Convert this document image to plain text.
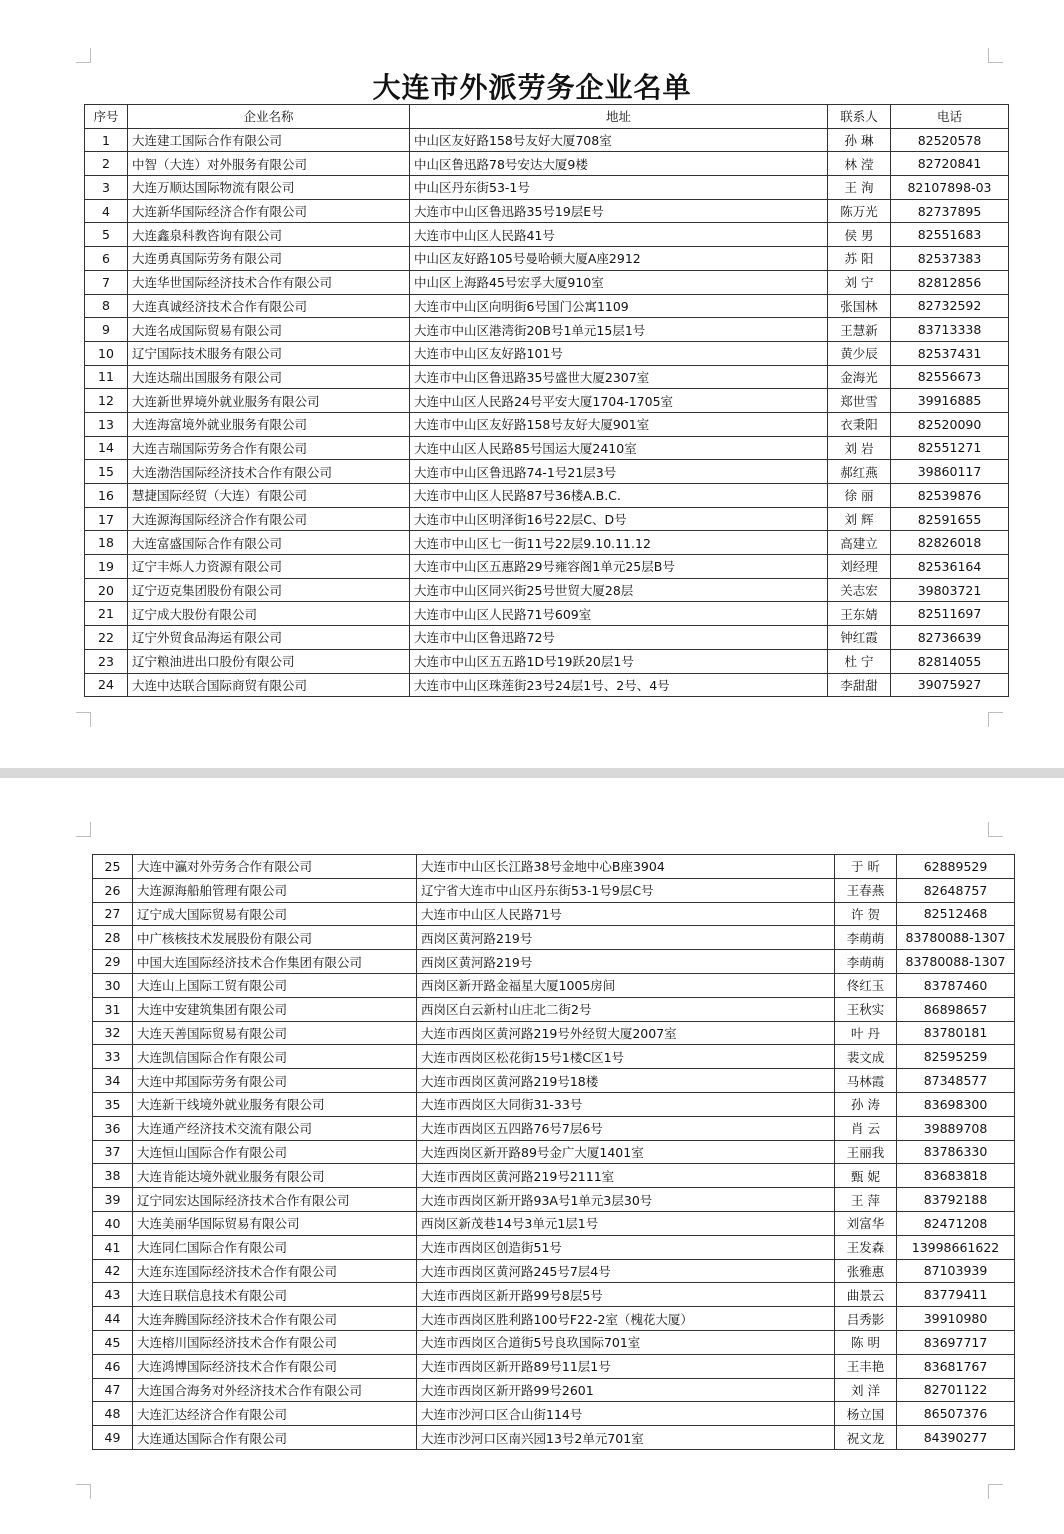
大连市外派劳务企业名单
序号	企业名称	地址	联系人	电话
1	大连建工国际合作有限公司	中山区友好路158号友好大厦708室	孙 琳	82520578
2	中智（大连）对外服务有限公司	中山区鲁迅路78号安达大厦9楼	林 滢	82720841
3	大连万顺达国际物流有限公司	中山区丹东街53-1号	王 洵	82107898-03
4	大连新华国际经济合作有限公司	大连市中山区鲁迅路35号19层E号	陈万光	82737895
5	大连鑫泉科教咨询有限公司	大连市中山区人民路41号	侯 男	82551683
6	大连勇真国际劳务有限公司	中山区友好路105号曼哈顿大厦A座2912	苏 阳	82537383
7	大连华世国际经济技术合作有限公司	中山区上海路45号宏孚大厦910室	刘 宁	82812856
8	大连真诚经济技术合作有限公司	大连市中山区向明街6号国门公寓1109	张国林	82732592
9	大连名成国际贸易有限公司	大连市中山区港湾街20B号1单元15层1号	王慧新	83713338
10	辽宁国际技术服务有限公司	大连市中山区友好路101号	黄少辰	82537431
11	大连达瑞出国服务有限公司	大连市中山区鲁迅路35号盛世大厦2307室	金海光	82556673
12	大连新世界境外就业服务有限公司	大连中山区人民路24号平安大厦1704-1705室	郑世雪	39916885
13	大连海富境外就业服务有限公司	大连市中山区友好路158号友好大厦901室	衣秉阳	82520090
14	大连吉瑞国际劳务合作有限公司	大连中山区人民路85号国运大厦2410室	刘 岩	82551271
15	大连渤浩国际经济技术合作有限公司	大连市中山区鲁迅路74-1号21层3号	郝红燕	39860117
16	慧捷国际经贸（大连）有限公司	大连市中山区人民路87号36楼A.B.C.	徐 丽	82539876
17	大连源海国际经济合作有限公司	大连市中山区明泽街16号22层C、D号	刘 辉	82591655
18	大连富盛国际合作有限公司	大连市中山区七一街11号22层9.10.11.12	高建立	82826018
19	辽宁丰烁人力资源有限公司	大连市中山区五惠路29号雍容阁1单元25层B号	刘经理	82536164
20	辽宁迈克集团股份有限公司	大连市中山区同兴街25号世贸大厦28层	关志宏	39803721
21	辽宁成大股份有限公司	大连市中山区人民路71号609室	王东婧	82511697
22	辽宁外贸食品海运有限公司	大连市中山区鲁迅路72号	钟红霞	82736639
23	辽宁粮油进出口股份有限公司	大连市中山区五五路1D号19跃20层1号	杜 宁	82814055
24	大连中达联合国际商贸有限公司	大连市中山区珠莲街23号24层1号、2号、4号	李甜甜	39075927
25	大连中瀛对外劳务合作有限公司	大连市中山区长江路38号金地中心B座3904	于 昕	62889529
26	大连源海船舶管理有限公司	辽宁省大连市中山区丹东街53-1号9层C号	王春燕	82648757
27	辽宁成大国际贸易有限公司	大连市中山区人民路71号	许 贺	82512468
28	中广核核技术发展股份有限公司	西岗区黄河路219号	李萌萌	83780088-1307
29	中国大连国际经济技术合作集团有限公司	西岗区黄河路219号	李萌萌	83780088-1307
30	大连山上国际工贸有限公司	西岗区新开路金福星大厦1005房间	佟红玉	83787460
31	大连中安建筑集团有限公司	西岗区白云新村山庄北二街2号	王秋实	86898657
32	大连天善国际贸易有限公司	大连市西岗区黄河路219号外经贸大厦2007室	叶 丹	83780181
33	大连凯信国际合作有限公司	大连市西岗区松花街15号1楼C区1号	裴文成	82595259
34	大连中邦国际劳务有限公司	大连市西岗区黄河路219号18楼	马林霞	87348577
35	大连新干线境外就业服务有限公司	大连市西岗区大同街31-33号	孙 涛	83698300
36	大连通产经济技术交流有限公司	大连市西岗区五四路76号7层6号	肖 云	39889708
37	大连恒山国际合作有限公司	大连西岗区新开路89号金广大厦1401室	王丽我	83786330
38	大连肯能达境外就业服务有限公司	大连市西岗区黄河路219号2111室	甄 妮	83683818
39	辽宁同宏达国际经济技术合作有限公司	大连市西岗区新开路93A号1单元3层30号	王 萍	83792188
40	大连美丽华国际贸易有限公司	西岗区新茂巷14号3单元1层1号	刘富华	82471208
41	大连同仁国际合作有限公司	大连市西岗区创造街51号	王发森	13998661622
42	大连东连国际经济技术合作有限公司	大连市西岗区黄河路245号7层4号	张雅惠	87103939
43	大连日联信息技术有限公司	大连市西岗区新开路99号8层5号	曲景云	83779411
44	大连奔腾国际经济技术合作有限公司	大连市西岗区胜利路100号F22-2室（槐花大厦）	吕秀影	39910980
45	大连榕川国际经济技术合作有限公司	大连市西岗区合道街5号良玖国际701室	陈 明	83697717
46	大连鸿博国际经济技术合作有限公司	大连市西岗区新开路89号11层1号	王丰艳	83681767
47	大连国合海务对外经济技术合作有限公司	大连市西岗区新开路99号2601	刘 洋	82701122
48	大连汇达经济合作有限公司	大连市沙河口区合山街114号	杨立国	86507376
49	大连通达国际合作有限公司	大连市沙河口区南兴园13号2单元701室	祝文龙	84390277
